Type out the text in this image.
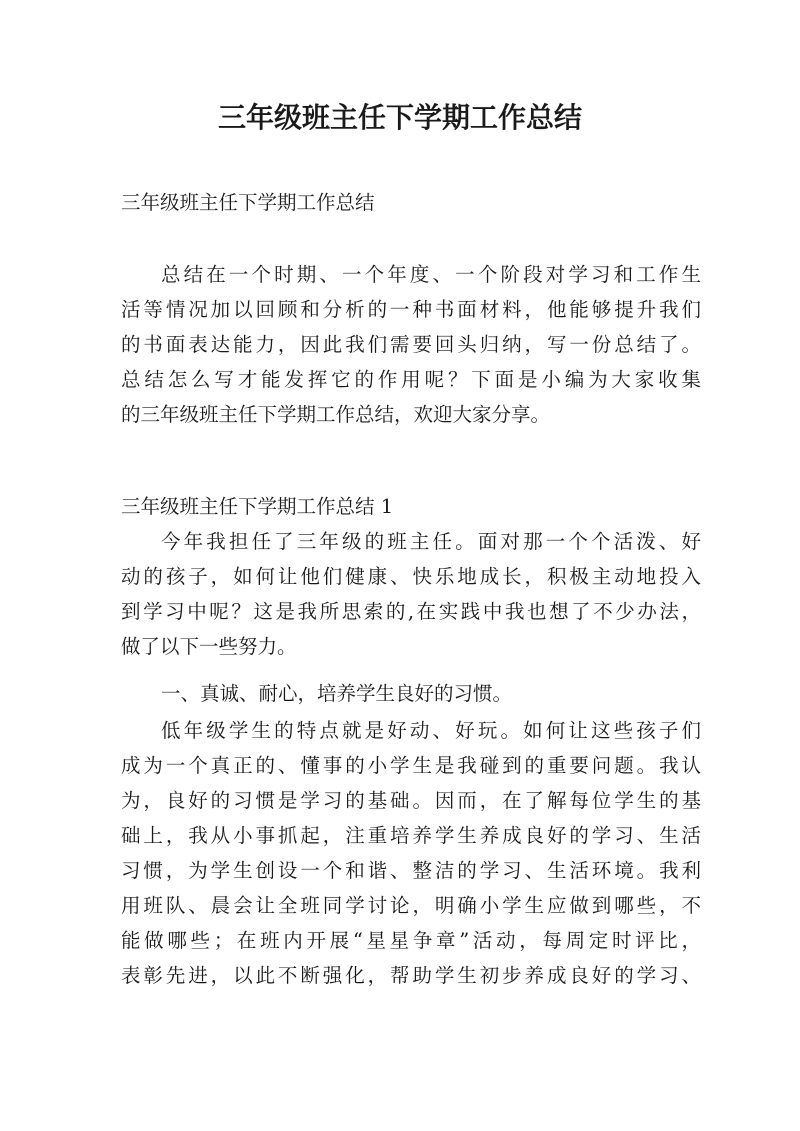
三年级班主任下学期工作总结

三年级班主任下学期工作总结

总结在一个时期、一个年度、一个阶段对学习和工作生
活等情况加以回顾和分析的一种书面材料，他能够提升我们
的书面表达能力，因此我们需要回头归纳，写一份总结了。
总结怎么写才能发挥它的作用呢？下面是小编为大家收集
的三年级班主任下学期工作总结，欢迎大家分享。

三年级班主任下学期工作总结 1

今年我担任了三年级的班主任。面对那一个个活泼、好
动的孩子，如何让他们健康、快乐地成长，积极主动地投入
到学习中呢？这是我所思索的,在实践中我也想了不少办法，
做了以下一些努力。
一、真诚、耐心，培养学生良好的习惯。
低年级学生的特点就是好动、好玩。如何让这些孩子们
成为一个真正的、懂事的小学生是我碰到的重要问题。我认
为，良好的习惯是学习的基础。因而，在了解每位学生的基
础上，我从小事抓起，注重培养学生养成良好的学习、生活
习惯，为学生创设一个和谐、整洁的学习、生活环境。我利
用班队、晨会让全班同学讨论，明确小学生应做到哪些，不
能做哪些；在班内开展“星星争章”活动，每周定时评比，
表彰先进，以此不断强化，帮助学生初步养成良好的学习、
